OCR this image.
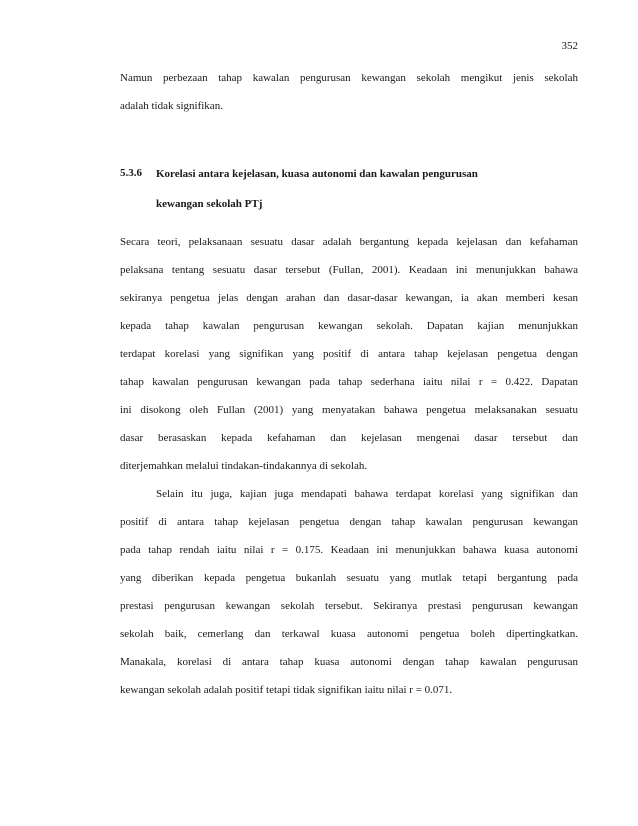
352
Namun perbezaan tahap kawalan pengurusan kewangan sekolah mengikut jenis sekolah
adalah tidak signifikan.
5.3.6	Korelasi antara kejelasan, kuasa autonomi dan kawalan pengurusan
kewangan sekolah PTj
Secara teori, pelaksanaan sesuatu dasar adalah bergantung kepada kejelasan dan kefahaman
pelaksana tentang sesuatu dasar tersebut (Fullan, 2001). Keadaan ini menunjukkan bahawa
sekiranya pengetua jelas dengan arahan dan dasar-dasar kewangan, ia akan memberi kesan
kepada tahap kawalan pengurusan kewangan sekolah. Dapatan kajian menunjukkan
terdapat korelasi yang signifikan yang positif di antara tahap kejelasan pengetua dengan
tahap kawalan pengurusan kewangan pada tahap sederhana iaitu nilai r = 0.422. Dapatan
ini disokong oleh Fullan (2001) yang menyatakan bahawa pengetua melaksanakan sesuatu
dasar berasaskan kepada kefahaman dan kejelasan mengenai dasar tersebut dan
diterjemahkan melalui tindakan-tindakannya di sekolah.
Selain itu juga, kajian juga mendapati bahawa terdapat korelasi yang signifikan dan
positif di antara tahap kejelasan pengetua dengan tahap kawalan pengurusan kewangan
pada tahap rendah iaitu nilai r = 0.175. Keadaan ini menunjukkan bahawa kuasa autonomi
yang diberikan kepada pengetua bukanlah sesuatu yang mutlak tetapi bergantung pada
prestasi pengurusan kewangan sekolah tersebut. Sekiranya prestasi pengurusan kewangan
sekolah baik, cemerlang dan terkawal kuasa autonomi pengetua boleh dipertingkatkan.
Manakala, korelasi di antara tahap kuasa autonomi dengan tahap kawalan pengurusan
kewangan sekolah adalah positif tetapi tidak signifikan iaitu nilai r = 0.071.
